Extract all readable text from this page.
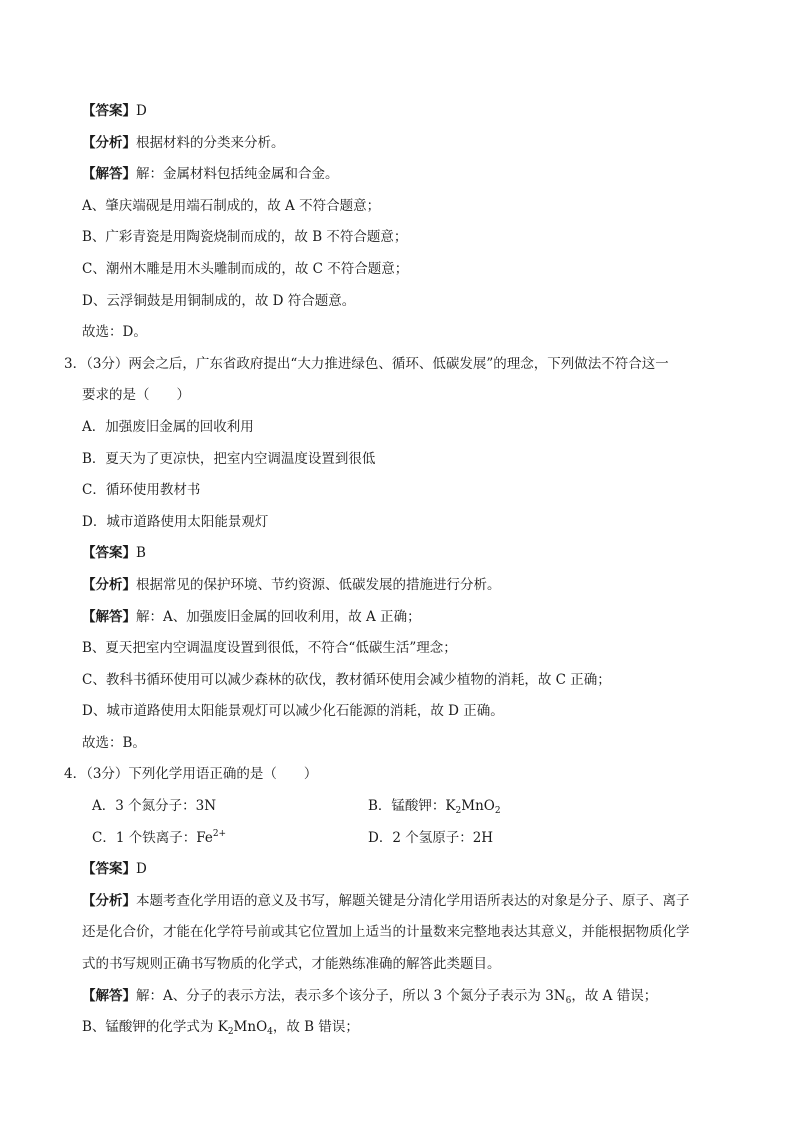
【答案】D
【分析】根据材料的分类来分析。
【解答】解：金属材料包括纯金属和合金。
A、肇庆端砚是用端石制成的，故 A 不符合题意；
B、广彩青瓷是用陶瓷烧制而成的，故 B 不符合题意；
C、潮州木雕是用木头雕制而成的，故 C 不符合题意；
D、云浮铜鼓是用铜制成的，故 D 符合题意。
故选：D。
3．（3分）两会之后，广东省政府提出“大力推进绿色、循环、低碳发展”的理念，下列做法不符合这一
要求的是（　　）
A．加强废旧金属的回收利用
B．夏天为了更凉快，把室内空调温度设置到很低
C．循环使用教材书
D．城市道路使用太阳能景观灯
【答案】B
【分析】根据常见的保护环境、节约资源、低碳发展的措施进行分析。
【解答】解：A、加强废旧金属的回收利用，故 A 正确；
B、夏天把室内空调温度设置到很低，不符合“低碳生活”理念；
C、教科书循环使用可以减少森林的砍伐，教材循环使用会减少植物的消耗，故 C 正确；
D、城市道路使用太阳能景观灯可以减少化石能源的消耗，故 D 正确。
故选：B。
4．（3分）下列化学用语正确的是（　　）
A．3 个氮分子：3N	B．锰酸钾：$K_2MnO_2$
C．1 个铁离子：$Fe^{2+}$	D．2 个氢原子：2H
【答案】D
【分析】本题考查化学用语的意义及书写，解题关键是分清化学用语所表达的对象是分子、原子、离子
还是化合价，才能在化学符号前或其它位置加上适当的计量数来完整地表达其意义，并能根据物质化学
式的书写规则正确书写物质的化学式，才能熟练准确的解答此类题目。
【解答】解：A、分子的表示方法，表示多个该分子，所以 3 个氮分子表示为 $3N_6$，故 A 错误；
B、锰酸钾的化学式为 $K_2MnO_4$，故 B 错误；
